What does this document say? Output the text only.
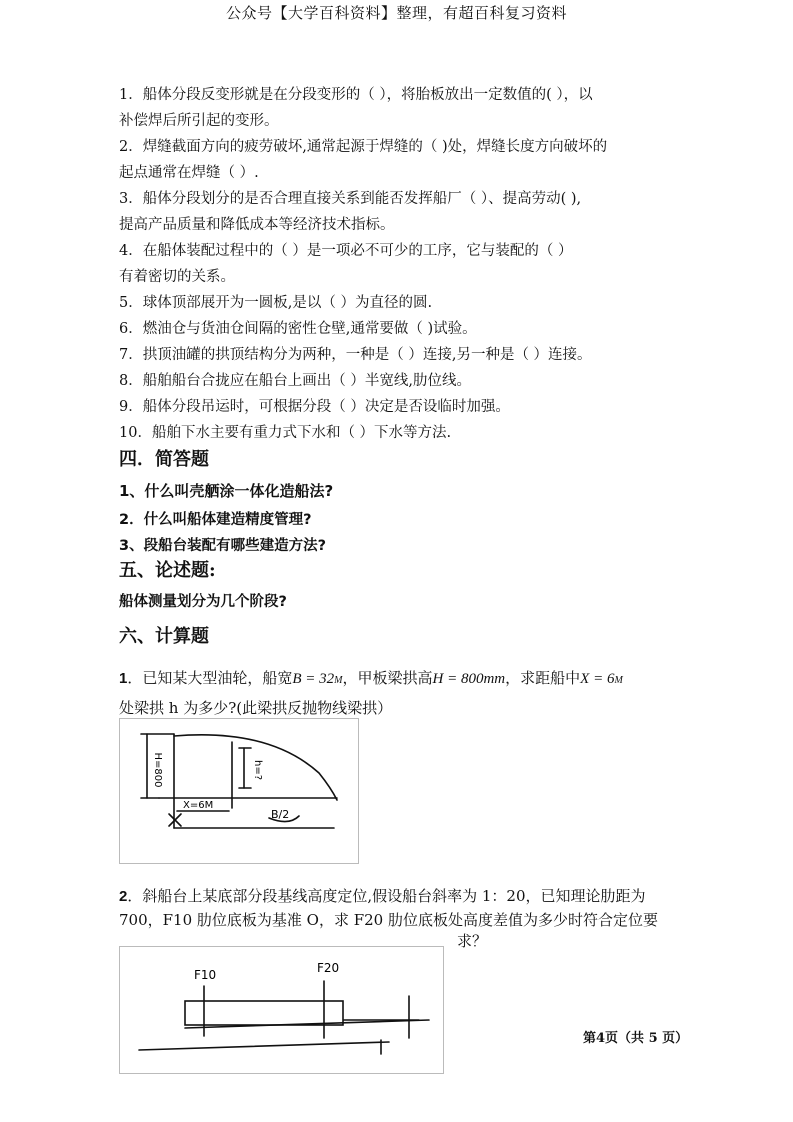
公众号【大学百科资料】整理，有超百科复习资料
1．船体分段反变形就是在分段变形的（ ），将胎板放出一定数值的( ），以
补偿焊后所引起的变形。
2．焊缝截面方向的疲劳破坏,通常起源于焊缝的（ )处，焊缝长度方向破坏的
起点通常在焊缝（ ）.
3．船体分段划分的是否合理直接关系到能否发挥船厂（ ）、提高劳动( ),
提高产品质量和降低成本等经济技术指标。
4．在船体装配过程中的（ ）是一项必不可少的工序，它与装配的（ ）
有着密切的关系。
5．球体顶部展开为一圆板,是以（ ）为直径的圆.
6．燃油仓与货油仓间隔的密性仓壁,通常要做（ )试验。
7．拱顶油罐的拱顶结构分为两种，一种是（ ）连接,另一种是（ ）连接。
8．船舶船台合拢应在船台上画出（ ）半宽线,肋位线。
9．船体分段吊运时，可根据分段（ ）决定是否设临时加强。
10．船舶下水主要有重力式下水和（ ）下水等方法.
四．简答题
1、什么叫壳舾涂一体化造船法?
2．什么叫船体建造精度管理?
3、段船台装配有哪些建造方法?
五、论述题:
船体测量划分为几个阶段?
六、计算题
1．已知某大型油轮，船宽B = 32M，甲板梁拱高H = 800mm，求距船中X = 6M
处梁拱 h 为多少?(此梁拱反抛物线梁拱）
H=800	h=?
X=6M
B/2
2．斜船台上某底部分段基线高度定位,假设船台斜率为 1：20，已知理论肋距为
700，F10 肋位底板为基准 O，求 F20 肋位底板处高度差值为多少时符合定位要
求？
F10	F20
第4页（共 5 页）
